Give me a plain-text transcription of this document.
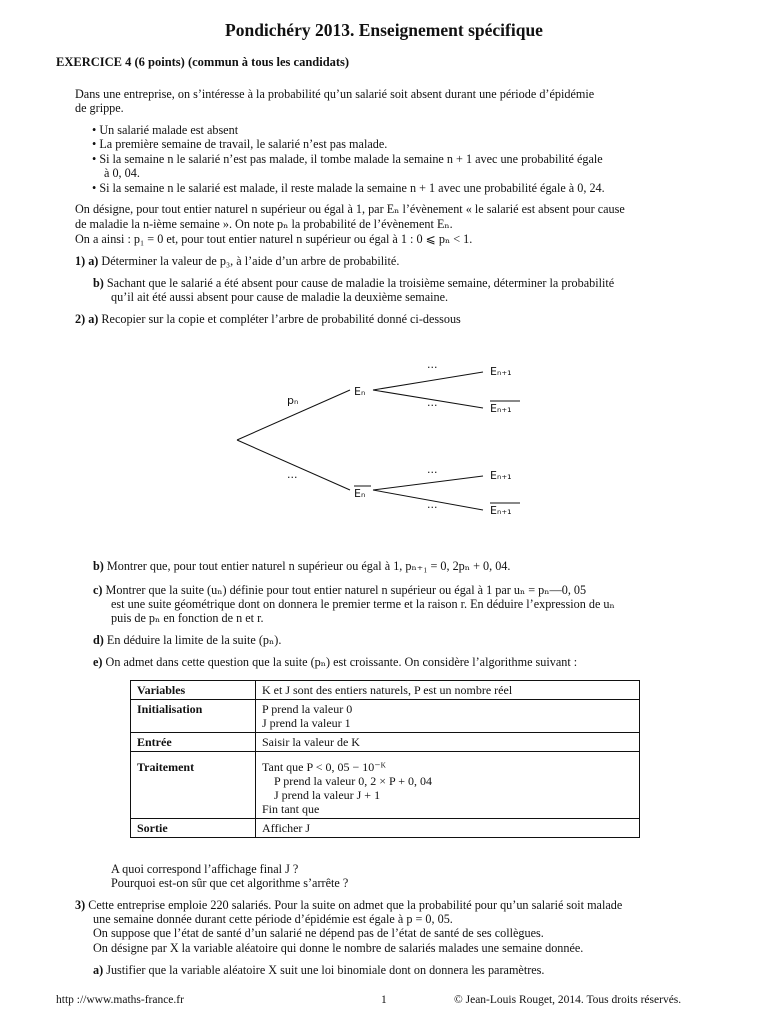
Pondichéry 2013. Enseignement spécifique
EXERCICE 4 (6 points) (commun à tous les candidats)
Dans une entreprise, on s’intéresse à la probabilité qu’un salarié soit absent durant une période d’épidémie
de grippe.
• Un salarié malade est absent
• La première semaine de travail, le salarié n’est pas malade.
• Si la semaine n le salarié n’est pas malade, il tombe malade la semaine n + 1 avec une probabilité égale
à 0, 04.
• Si la semaine n le salarié est malade, il reste malade la semaine n + 1 avec une probabilité égale à 0, 24.
On désigne, pour tout entier naturel n supérieur ou égal à 1, par Eₙ l’évènement « le salarié est absent pour cause
de maladie la n-ième semaine ». On note pₙ la probabilité de l’évènement Eₙ.
On a ainsi : p₁ = 0 et, pour tout entier naturel n supérieur ou égal à 1 : 0 ⩽ pₙ < 1.
1) a) Déterminer la valeur de p₃, à l’aide d’un arbre de probabilité.
b) Sachant que le salarié a été absent pour cause de maladie la troisième semaine, déterminer la probabilité
qu’il ait été aussi absent pour cause de maladie la deuxième semaine.
2) a) Recopier sur la copie et compléter l’arbre de probabilité donné ci-dessous
pₙ
···
···
···
···
···
Eₙ
Eₙ
Eₙ₊₁
Eₙ₊₁
Eₙ₊₁
Eₙ₊₁
b) Montrer que, pour tout entier naturel n supérieur ou égal à 1, pₙ₊₁ = 0, 2pₙ + 0, 04.
c) Montrer que la suite (uₙ) définie pour tout entier naturel n supérieur ou égal à 1 par uₙ = pₙ—0, 05
est une suite géométrique dont on donnera le premier terme et la raison r. En déduire l’expression de uₙ
puis de pₙ en fonction de n et r.
d) En déduire la limite de la suite (pₙ).
e) On admet dans cette question que la suite (pₙ) est croissante. On considère l’algorithme suivant :
Variables	K et J sont des entiers naturels, P est un nombre réel

Initialisation	P prend la valeur 0
J prend la valeur 1

Entrée	Saisir la valeur de K

Traitement	Tant que P < 0, 05 − 10⁻ᴷ
P prend la valeur 0, 2 × P + 0, 04
J prend la valeur J + 1
Fin tant que

Sortie	Afficher J
A quoi correspond l’affichage final J ?
Pourquoi est-on sûr que cet algorithme s’arrête ?
3) Cette entreprise emploie 220 salariés. Pour la suite on admet que la probabilité pour qu’un salarié soit malade
une semaine donnée durant cette période d’épidémie est égale à p = 0, 05.
On suppose que l’état de santé d’un salarié ne dépend pas de l’état de santé de ses collègues.
On désigne par X la variable aléatoire qui donne le nombre de salariés malades une semaine donnée.
a) Justifier que la variable aléatoire X suit une loi binomiale dont on donnera les paramètres.
http ://www.maths-france.fr	1	© Jean-Louis Rouget, 2014. Tous droits réservés.
